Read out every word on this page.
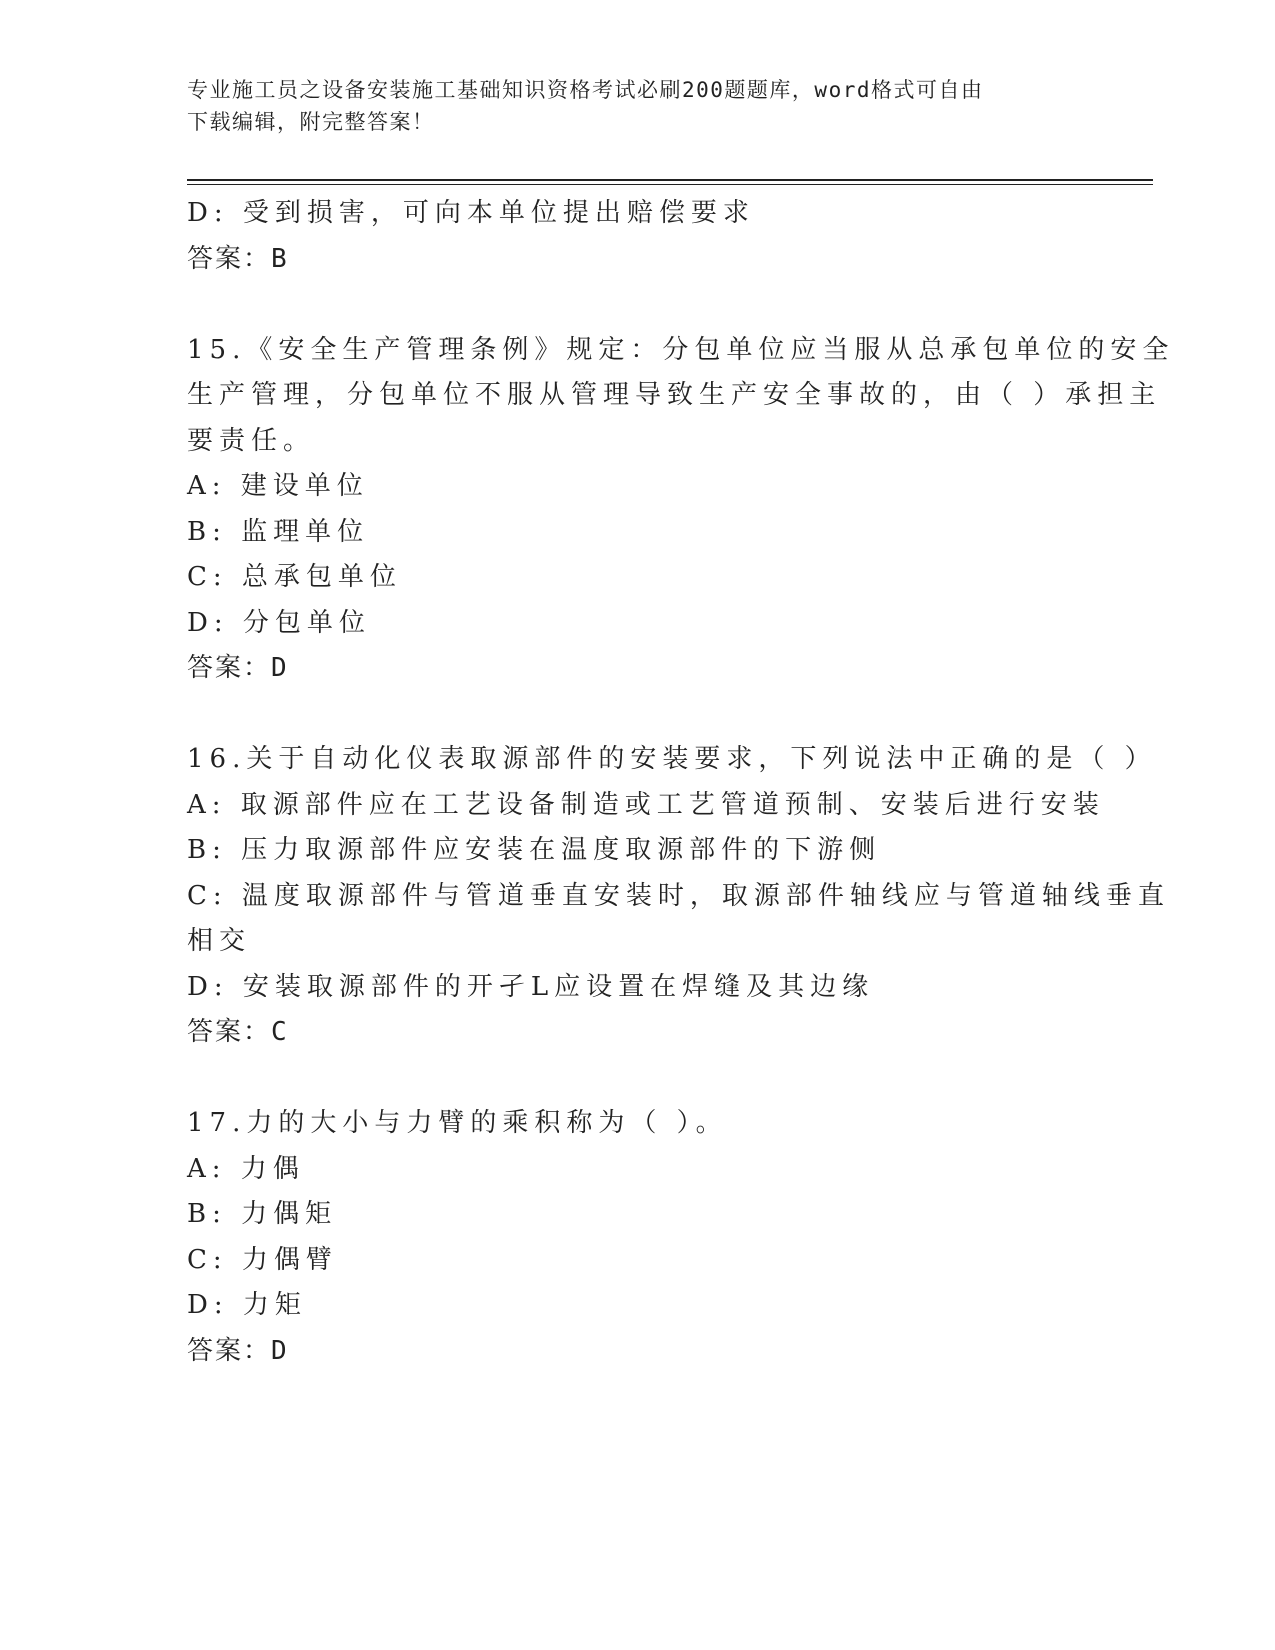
专业施工员之设备安装施工基础知识资格考试必刷200题题库，word格式可自由
下载编辑，附完整答案！
D: 受到损害，可向本单位提出赔偿要求
答案：B
15.《安全生产管理条例》规定：分包单位应当服从总承包单位的安全
生产管理，分包单位不服从管理导致生产安全事故的，由（ ）承担主
要责任。
A: 建设单位
B: 监理单位
C: 总承包单位
D: 分包单位
答案：D
16.关于自动化仪表取源部件的安装要求，下列说法中正确的是（ ）
A: 取源部件应在工艺设备制造或工艺管道预制、安装后进行安装
B: 压力取源部件应安装在温度取源部件的下游侧
C: 温度取源部件与管道垂直安装时，取源部件轴线应与管道轴线垂直
相交
D: 安装取源部件的开孑L应设置在焊缝及其边缘
答案：C
17.力的大小与力臂的乘积称为（ ）。
A: 力偶
B: 力偶矩
C: 力偶臂
D: 力矩
答案：D
